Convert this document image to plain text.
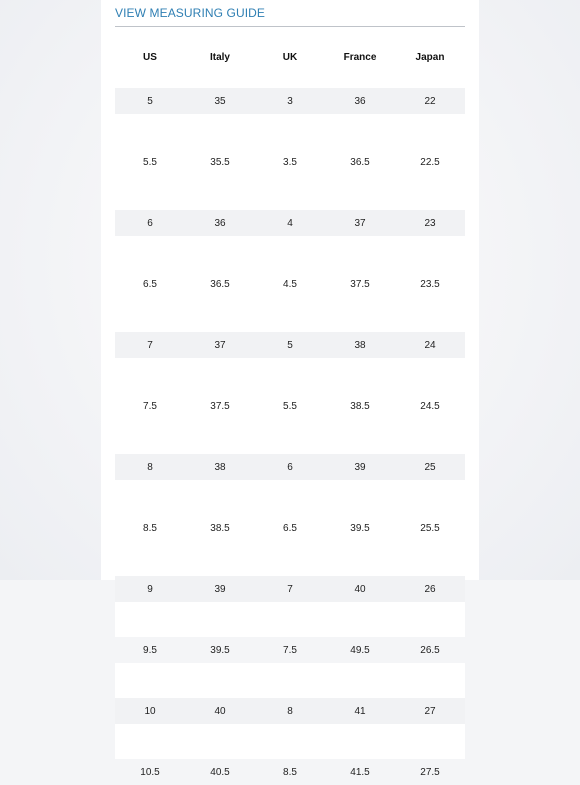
VIEW MEASURING GUIDE
US	Italy	UK	France	Japan

5	35	3	36	22

5.5	35.5	3.5	36.5	22.5

6	36	4	37	23

6.5	36.5	4.5	37.5	23.5

7	37	5	38	24

7.5	37.5	5.5	38.5	24.5

8	38	6	39	25

8.5	38.5	6.5	39.5	25.5

9	39	7	40	26

9.5	39.5	7.5	49.5	26.5

10	40	8	41	27

10.5	40.5	8.5	41.5	27.5
